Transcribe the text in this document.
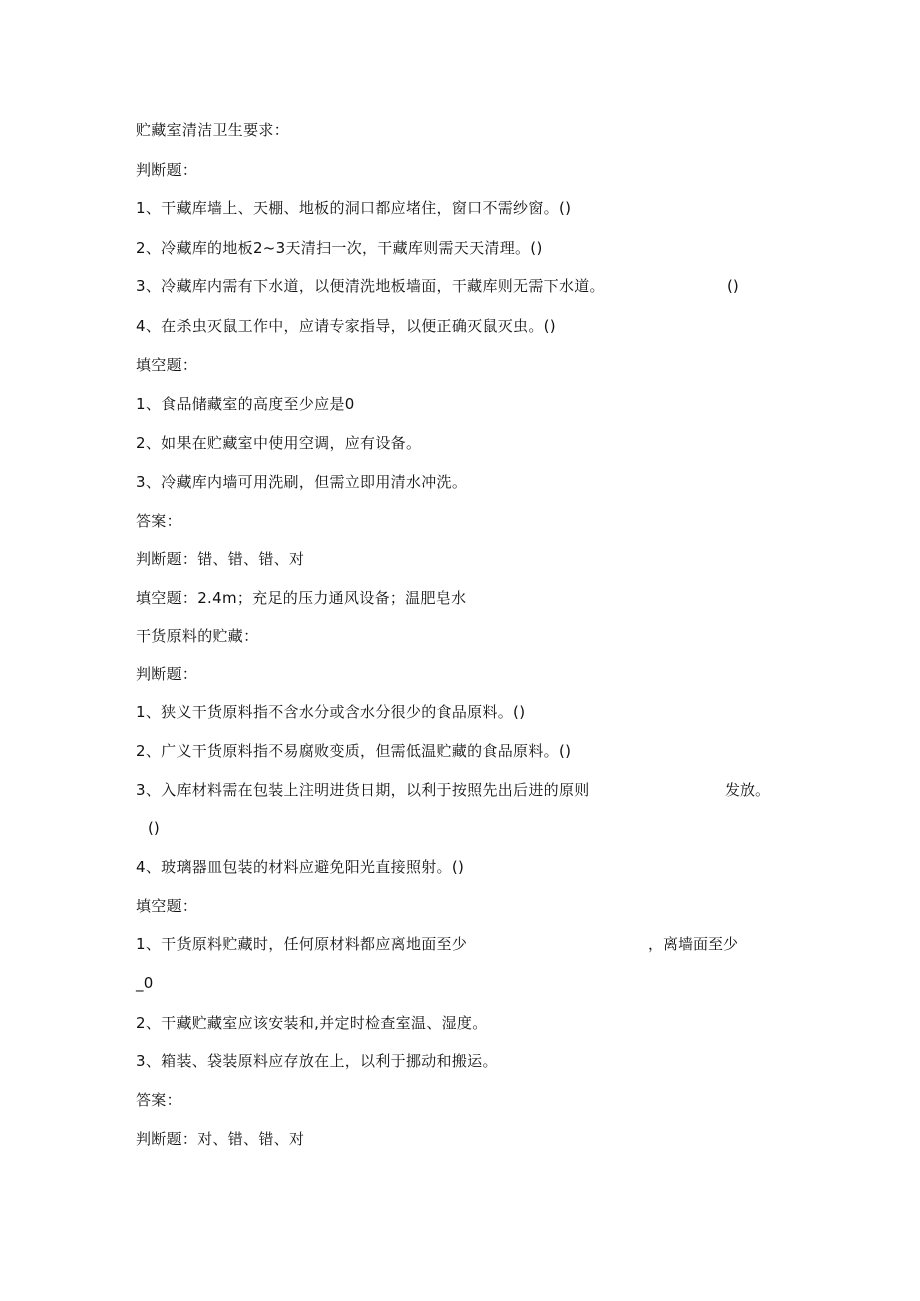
贮藏室清洁卫生要求：
判断题：
1、干藏库墙上、天棚、地板的洞口都应堵住，窗口不需纱窗。()
2、冷藏库的地板2~3天清扫一次，干藏库则需天天清理。()
3、冷藏库内需有下水道，以便清洗地板墙面，干藏库则无需下水道。	()
4、在杀虫灭鼠工作中，应请专家指导，以便正确灭鼠灭虫。()
填空题：
1、食品储藏室的高度至少应是0
2、如果在贮藏室中使用空调，应有设备。
3、冷藏库内墙可用洗刷，但需立即用清水冲洗。
答案：
判断题：错、错、错、对
填空题：2.4m；充足的压力通风设备；温肥皂水
干货原料的贮藏：
判断题：
1、狭义干货原料指不含水分或含水分很少的食品原料。()
2、广义干货原料指不易腐败变质，但需低温贮藏的食品原料。()
3、入库材料需在包装上注明进货日期，以利于按照先出后进的原则	发放。
()
4、玻璃器皿包装的材料应避免阳光直接照射。()
填空题：
1、干货原料贮藏时，任何原材料都应离地面至少	，离墙面至少
_0
2、干藏贮藏室应该安装和,并定时检查室温、湿度。
3、箱装、袋装原料应存放在上，以利于挪动和搬运。
答案：
判断题：对、错、错、对
